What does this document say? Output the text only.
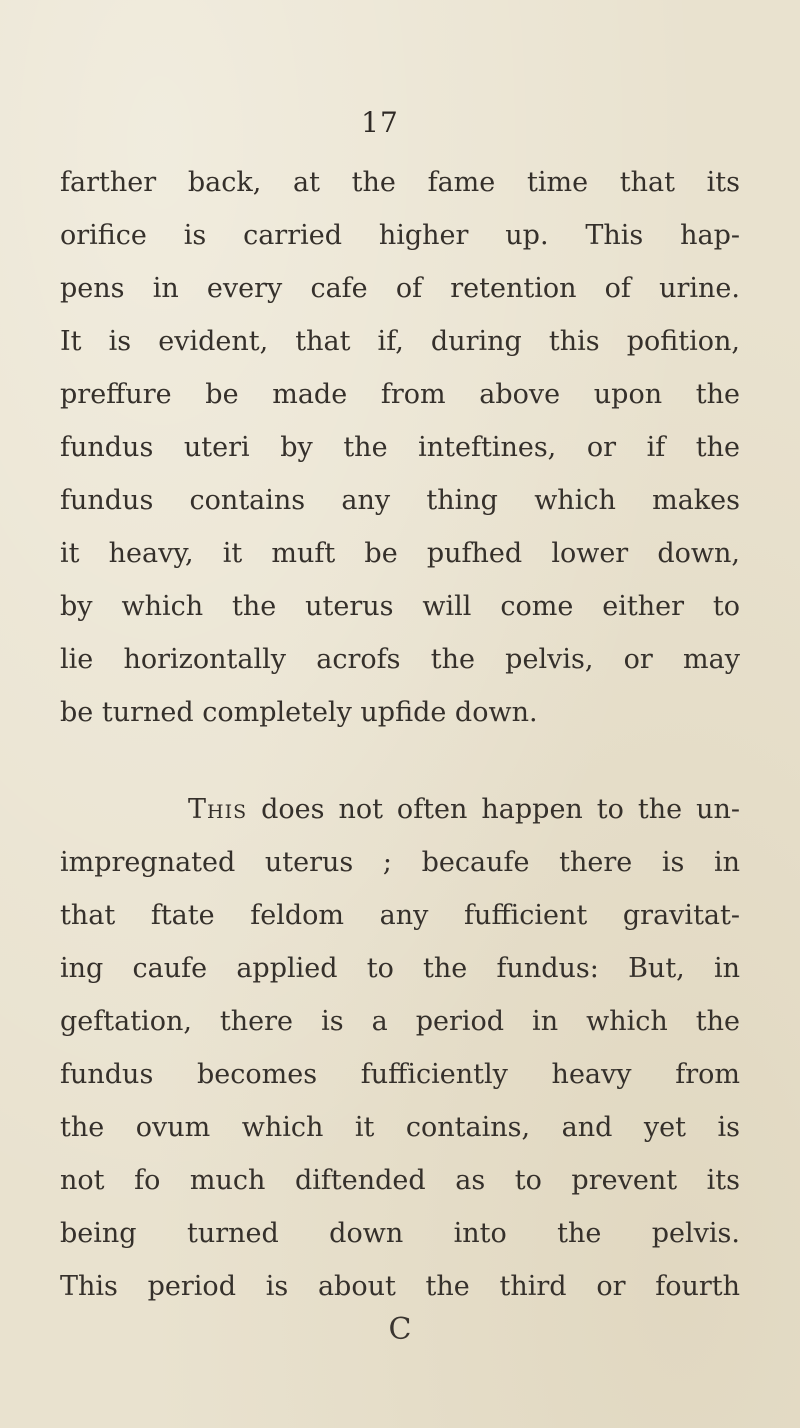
17
farther back, at the fame time that its
orifice is carried higher up. This hap-
pens in every cafe of retention of urine.
It is evident, that if, during this pofition,
preffure be made from above upon the
fundus uteri by the inteftines, or if the
fundus contains any thing which makes
it heavy, it muft be pufhed lower down,
by which the uterus will come either to
lie horizontally acrofs the pelvis, or may
be turned completely upfide down.
This does not often happen to the un-
impregnated uterus ; becaufe there is in
that ftate feldom any fufficient gravitat-
ing caufe applied to the fundus: But, in
geftation, there is a period in which the
fundus becomes fufficiently heavy from
the ovum which it contains, and yet is
not fo much diftended as to prevent its
being turned down into the pelvis.
This period is about the third or fourth
C
